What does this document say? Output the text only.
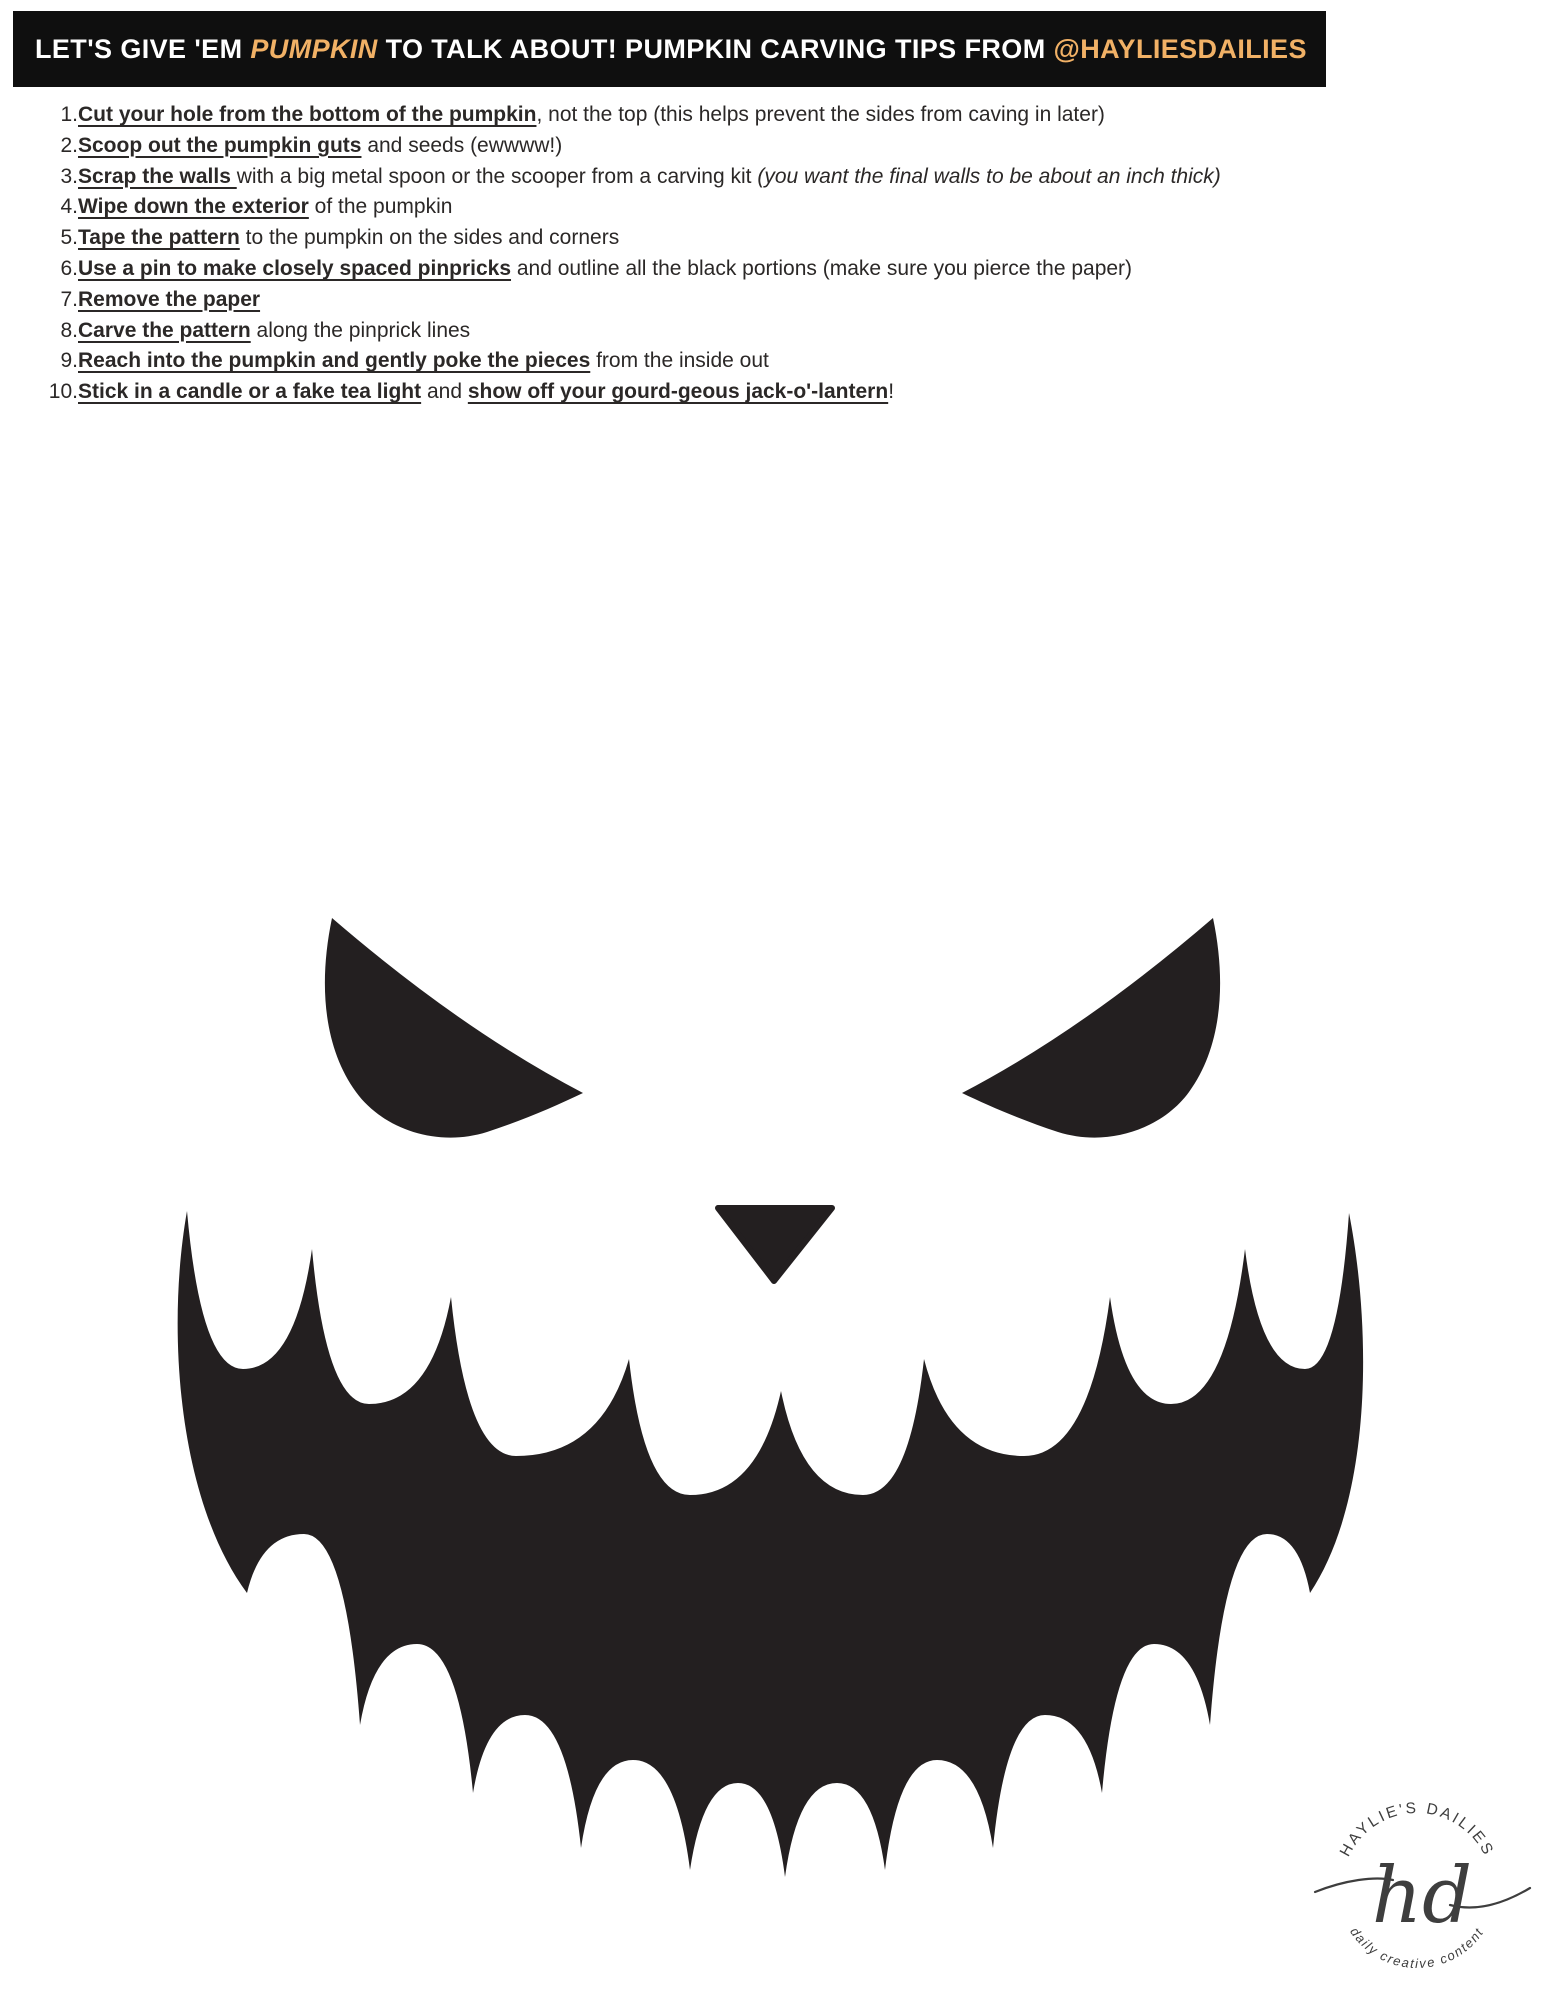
LET'S GIVE 'EM PUMPKIN TO TALK ABOUT! PUMPKIN CARVING TIPS FROM @HAYLIESDAILIES
1. Cut your hole from the bottom of the pumpkin, not the top (this helps prevent the sides from caving in later)
2. Scoop out the pumpkin guts and seeds (ewwww!)
3. Scrap the walls with a big metal spoon or the scooper from a carving kit (you want the final walls to be about an inch thick)
4. Wipe down the exterior of the pumpkin
5. Tape the pattern to the pumpkin on the sides and corners
6. Use a pin to make closely spaced pinpricks and outline all the black portions (make sure you pierce the paper)
7. Remove the paper
8. Carve the pattern along the pinprick lines
9. Reach into the pumpkin and gently poke the pieces from the inside out
10. Stick in a candle or a fake tea light and show off your gourd-geous jack-o'-lantern!
HAYLIE'S DAILIES
daily creative content
hd
